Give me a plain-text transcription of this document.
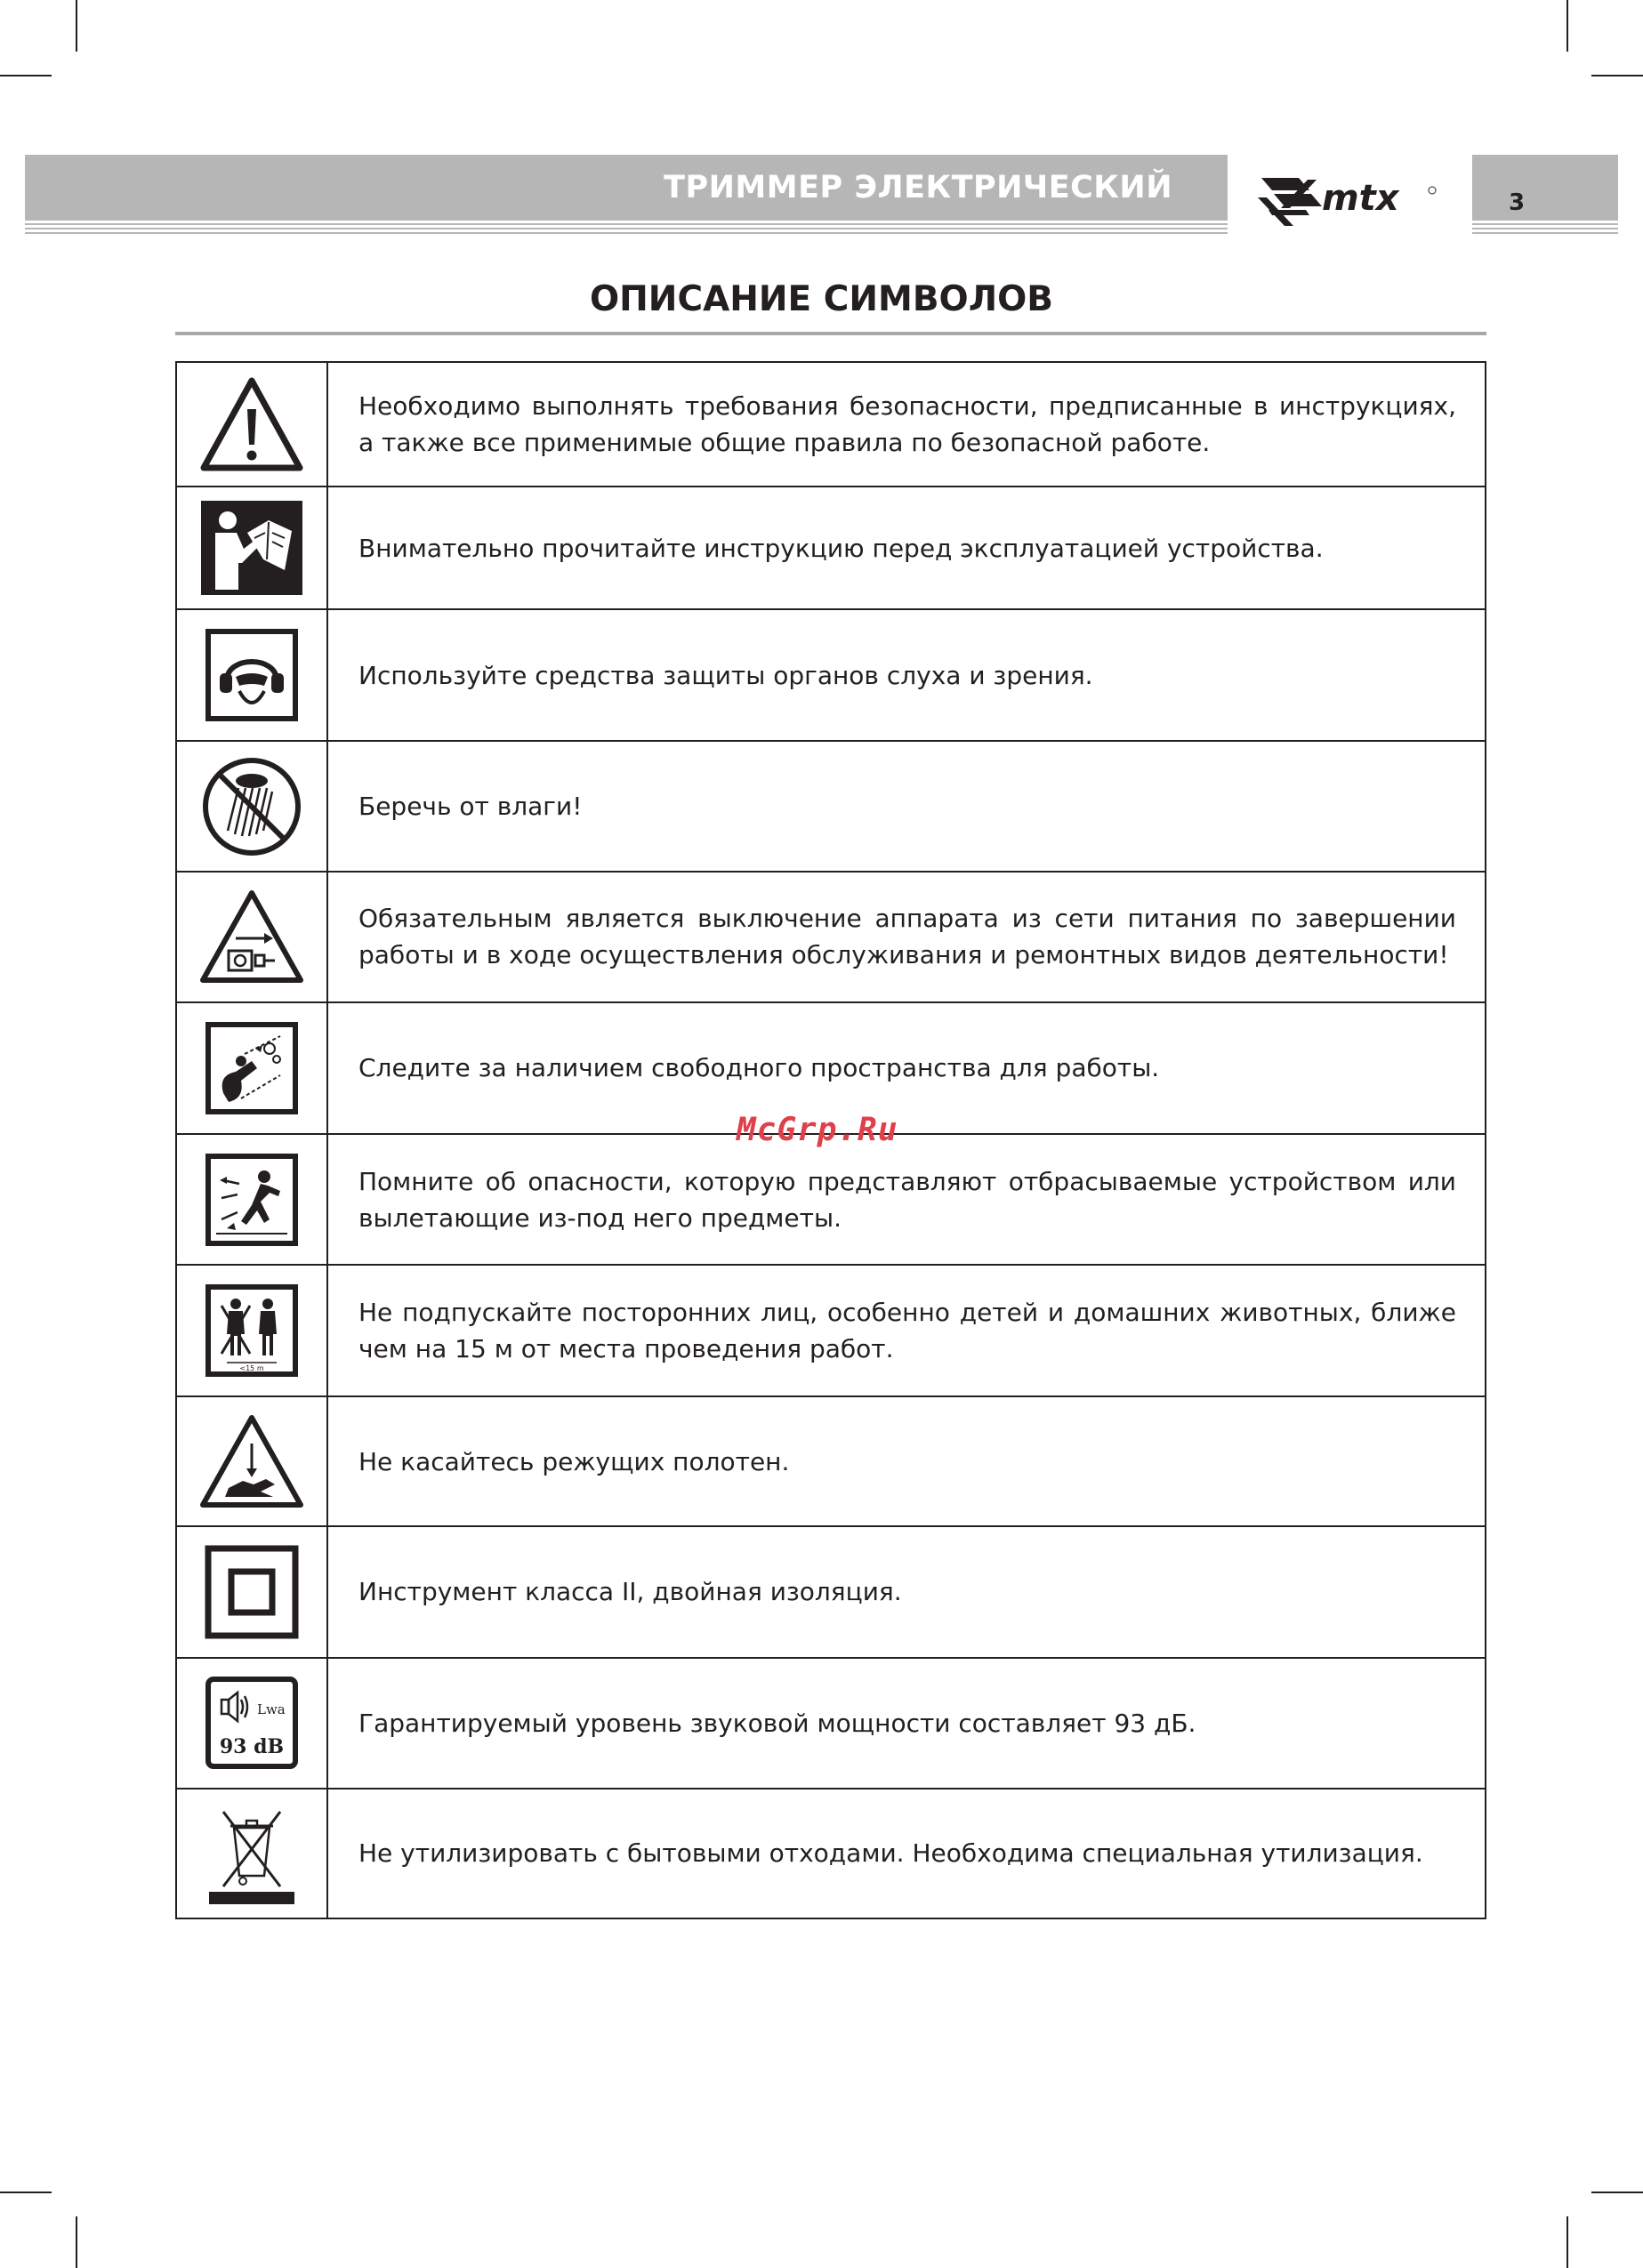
ТРИММЕР ЭЛЕКТРИЧЕСКИЙ	mtx	3
ОПИСАНИЕ СИМВОЛОВ
	Необходимо выполнять требования безопасности, предписанные в инструкциях, а также все применимые общие правила по безопасной работе.

	Внимательно прочитайте инструкцию перед эксплуатацией устройства.

	Используйте средства защиты органов слуха и зрения.

	Беречь от влаги!

	Обязательным является выключение аппарата из сети питания по завершении работы и в ходе осуществления обслуживания и ремонтных видов деятельности!

	Следите за наличием свободного пространства для работы.

	Помните об опасности, которую представляют отбрасываемые устройством или вылетающие из-под него предметы.

<15 m	Не подпускайте посторонних лиц, особенно детей и домашних животных, ближе чем на 15 м от места проведения работ.

	Не касайтесь режущих полотен.

	Инструмент класса II, двойная изоляция.

Lwa
93 dB	Гарантируемый уровень звуковой мощности составляет 93 дБ.

	Не утилизировать с бытовыми отходами. Необходима специальная утилизация.
McGrp.Ru
